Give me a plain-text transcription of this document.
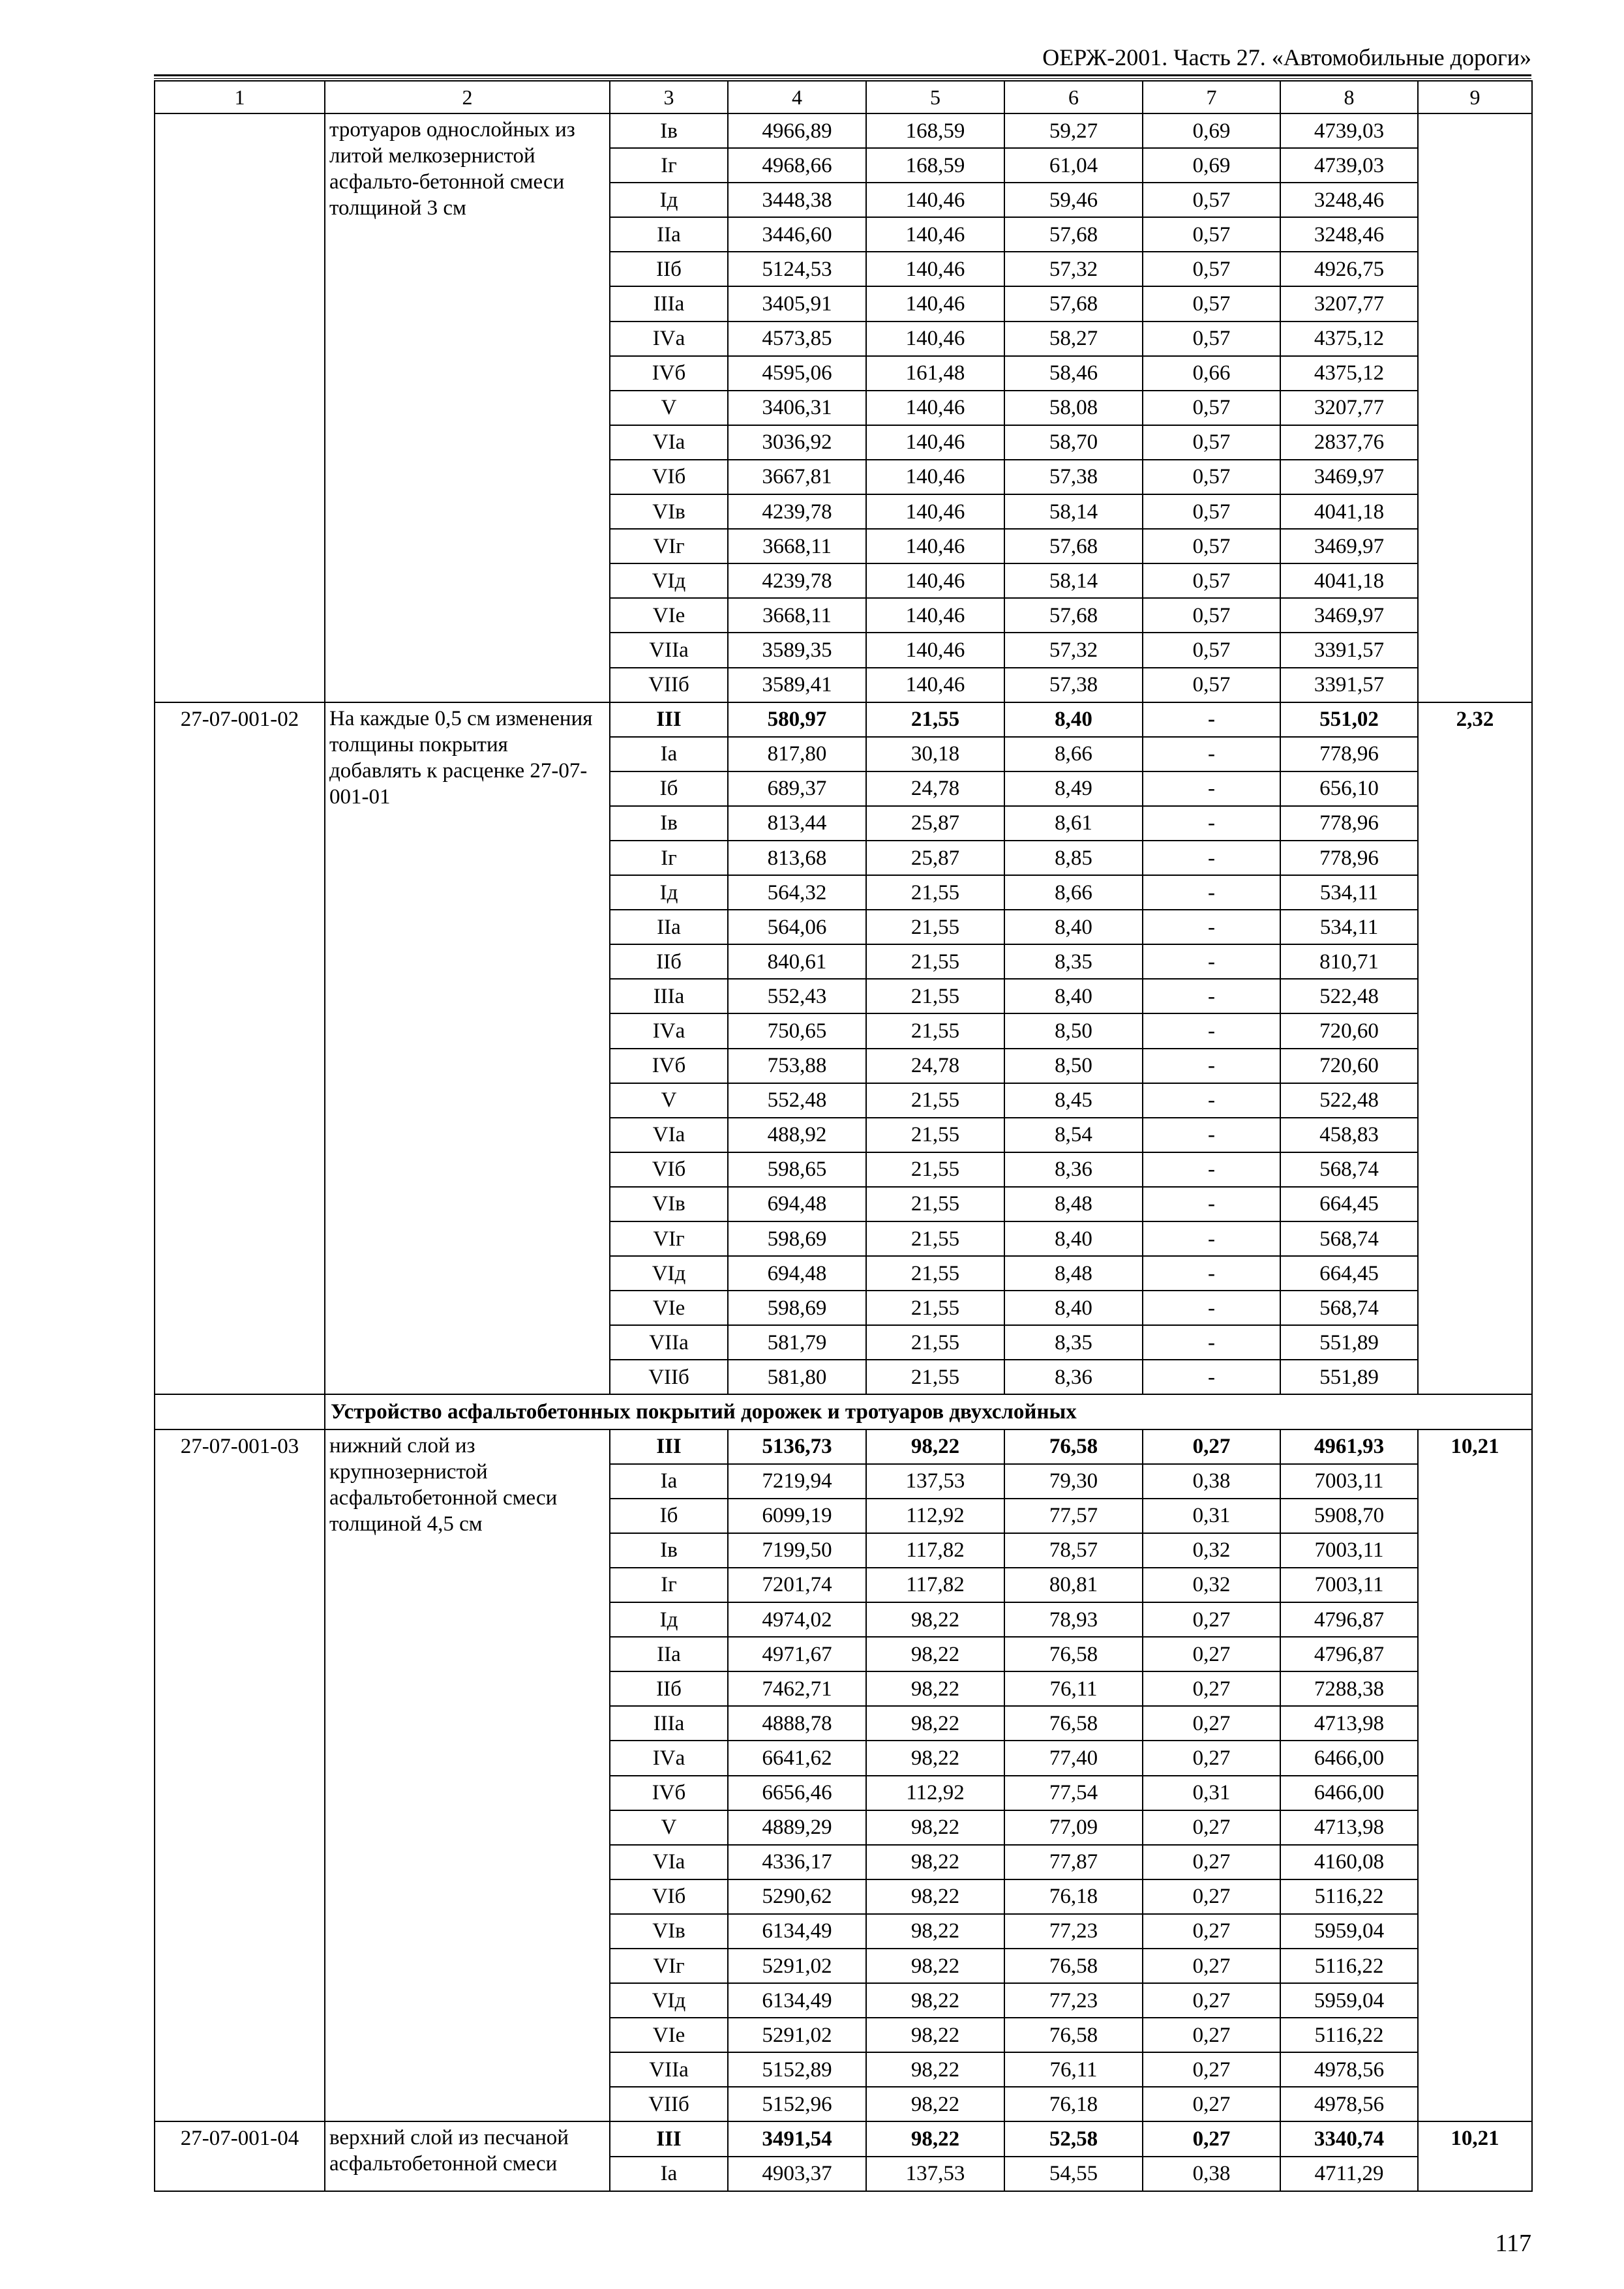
ОЕРЖ-2001. Часть 27. «Автомобильные дороги»
1	2	3	4	5	6	7	8	9
	тротуаров однослойных из литой мелкозернистой асфальто-бетонной смеси толщиной 3 см	Iв	4966,89	168,59	59,27	0,69	4739,03	
		Iг	4968,66	168,59	61,04	0,69	4739,03	
		Iд	3448,38	140,46	59,46	0,57	3248,46	
		IIа	3446,60	140,46	57,68	0,57	3248,46	
		IIб	5124,53	140,46	57,32	0,57	4926,75	
		IIIа	3405,91	140,46	57,68	0,57	3207,77	
		IVа	4573,85	140,46	58,27	0,57	4375,12	
		IVб	4595,06	161,48	58,46	0,66	4375,12	
		V	3406,31	140,46	58,08	0,57	3207,77	
		VIа	3036,92	140,46	58,70	0,57	2837,76	
		VIб	3667,81	140,46	57,38	0,57	3469,97	
		VIв	4239,78	140,46	58,14	0,57	4041,18	
		VIг	3668,11	140,46	57,68	0,57	3469,97	
		VIд	4239,78	140,46	58,14	0,57	4041,18	
		VIе	3668,11	140,46	57,68	0,57	3469,97	
		VIIа	3589,35	140,46	57,32	0,57	3391,57	
		VIIб	3589,41	140,46	57,38	0,57	3391,57	
27-07-001-02	На каждые 0,5 см изменения толщины покрытия добавлять к расценке 27-07-001-01	III	580,97	21,55	8,40	-	551,02	2,32
		Iа	817,80	30,18	8,66	-	778,96	
		Iб	689,37	24,78	8,49	-	656,10	
		Iв	813,44	25,87	8,61	-	778,96	
		Iг	813,68	25,87	8,85	-	778,96	
		Iд	564,32	21,55	8,66	-	534,11	
		IIа	564,06	21,55	8,40	-	534,11	
		IIб	840,61	21,55	8,35	-	810,71	
		IIIа	552,43	21,55	8,40	-	522,48	
		IVа	750,65	21,55	8,50	-	720,60	
		IVб	753,88	24,78	8,50	-	720,60	
		V	552,48	21,55	8,45	-	522,48	
		VIа	488,92	21,55	8,54	-	458,83	
		VIб	598,65	21,55	8,36	-	568,74	
		VIв	694,48	21,55	8,48	-	664,45	
		VIг	598,69	21,55	8,40	-	568,74	
		VIд	694,48	21,55	8,48	-	664,45	
		VIе	598,69	21,55	8,40	-	568,74	
		VIIа	581,79	21,55	8,35	-	551,89	
		VIIб	581,80	21,55	8,36	-	551,89	
	Устройство асфальтобетонных покрытий дорожек и тротуаров двухслойных							
27-07-001-03	нижний слой из крупнозернистой асфальтобетонной смеси толщиной 4,5 см	III	5136,73	98,22	76,58	0,27	4961,93	10,21
		Iа	7219,94	137,53	79,30	0,38	7003,11	
		Iб	6099,19	112,92	77,57	0,31	5908,70	
		Iв	7199,50	117,82	78,57	0,32	7003,11	
		Iг	7201,74	117,82	80,81	0,32	7003,11	
		Iд	4974,02	98,22	78,93	0,27	4796,87	
		IIа	4971,67	98,22	76,58	0,27	4796,87	
		IIб	7462,71	98,22	76,11	0,27	7288,38	
		IIIа	4888,78	98,22	76,58	0,27	4713,98	
		IVа	6641,62	98,22	77,40	0,27	6466,00	
		IVб	6656,46	112,92	77,54	0,31	6466,00	
		V	4889,29	98,22	77,09	0,27	4713,98	
		VIа	4336,17	98,22	77,87	0,27	4160,08	
		VIб	5290,62	98,22	76,18	0,27	5116,22	
		VIв	6134,49	98,22	77,23	0,27	5959,04	
		VIг	5291,02	98,22	76,58	0,27	5116,22	
		VIд	6134,49	98,22	77,23	0,27	5959,04	
		VIе	5291,02	98,22	76,58	0,27	5116,22	
		VIIа	5152,89	98,22	76,11	0,27	4978,56	
		VIIб	5152,96	98,22	76,18	0,27	4978,56	
27-07-001-04	верхний слой из песчаной асфальтобетонной смеси	III	3491,54	98,22	52,58	0,27	3340,74	10,21
		Iа	4903,37	137,53	54,55	0,38	4711,29	
117
